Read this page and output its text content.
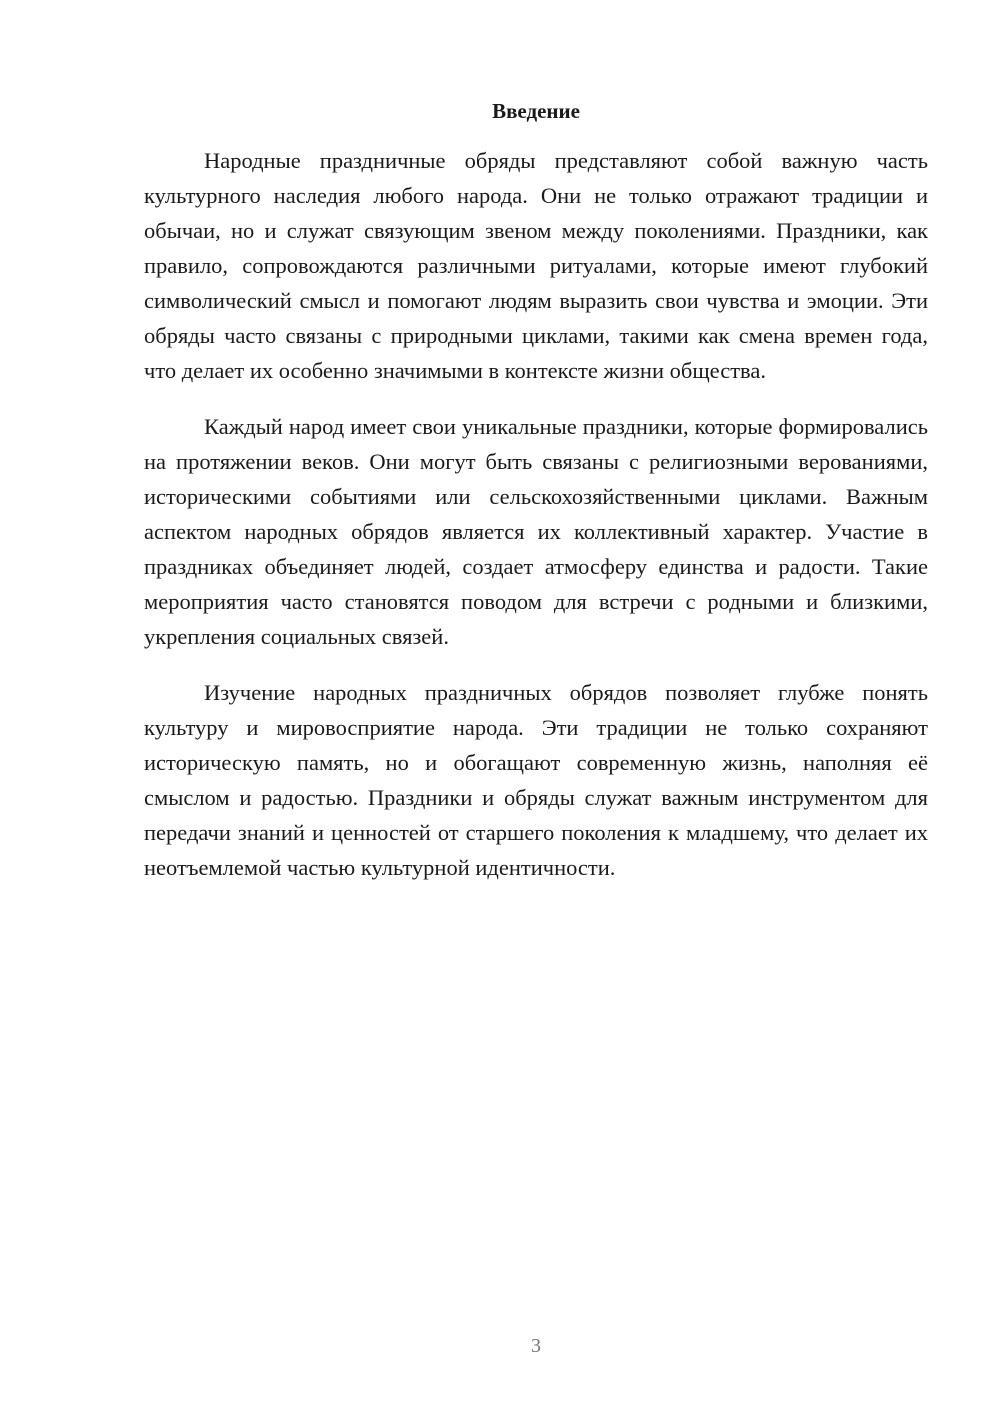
Введение

Народные праздничные обряды представляют собой важную часть культурного наследия любого народа. Они не только отражают традиции и обычаи, но и служат связующим звеном между поколениями. Праздники, как правило, сопровождаются различными ритуалами, которые имеют глубокий символический смысл и помогают людям выразить свои чувства и эмоции. Эти обряды часто связаны с природными циклами, такими как смена времен года, что делает их особенно значимыми в контексте жизни общества.

Каждый народ имеет свои уникальные праздники, которые формировались на протяжении веков. Они могут быть связаны с религиозными верованиями, историческими событиями или сельскохозяйственными циклами. Важным аспектом народных обрядов является их коллективный характер. Участие в праздниках объединяет людей, создает атмосферу единства и радости. Такие мероприятия часто становятся поводом для встречи с родными и близкими, укрепления социальных связей.

Изучение народных праздничных обрядов позволяет глубже понять культуру и мировосприятие народа. Эти традиции не только сохраняют историческую память, но и обогащают современную жизнь, наполняя её смыслом и радостью. Праздники и обряды служат важным инструментом для передачи знаний и ценностей от старшего поколения к младшему, что делает их неотъемлемой частью культурной идентичности.

3
